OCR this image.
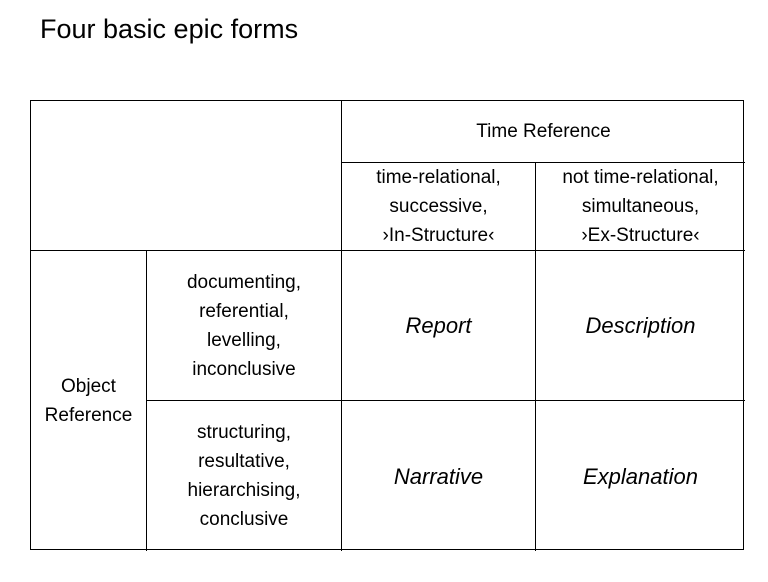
Four basic epic forms
Time Reference
time-relational,
successive,
›In-Structure‹
not time-relational,
simultaneous,
›Ex-Structure‹
Object
Reference
documenting,
referential,
levelling,
inconclusive
Report	Description
structuring,
resultative,
hierarchising,
conclusive
Narrative	Explanation
